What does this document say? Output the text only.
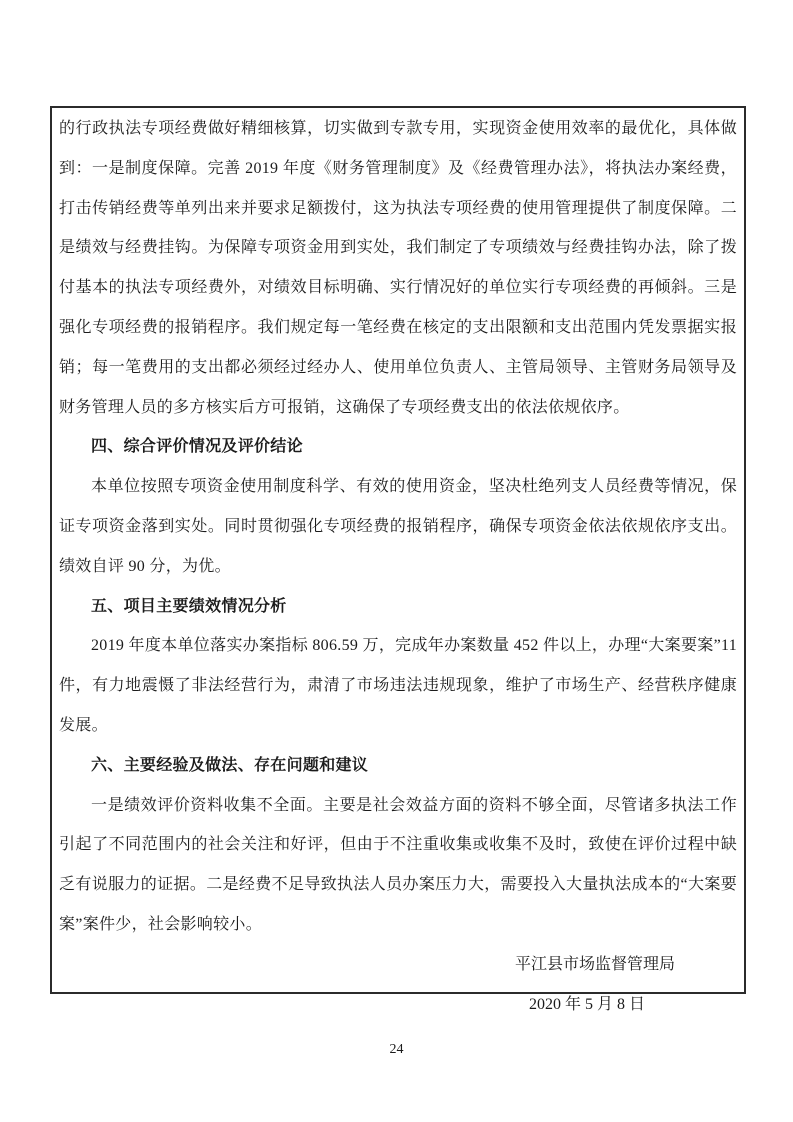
的行政执法专项经费做好精细核算，切实做到专款专用，实现资金使用效率的最优化，具体做到：一是制度保障。完善 2019 年度《财务管理制度》及《经费管理办法》，将执法办案经费，打击传销经费等单列出来并要求足额拨付，这为执法专项经费的使用管理提供了制度保障。二是绩效与经费挂钩。为保障专项资金用到实处，我们制定了专项绩效与经费挂钩办法，除了拨付基本的执法专项经费外，对绩效目标明确、实行情况好的单位实行专项经费的再倾斜。三是强化专项经费的报销程序。我们规定每一笔经费在核定的支出限额和支出范围内凭发票据实报销；每一笔费用的支出都必须经过经办人、使用单位负责人、主管局领导、主管财务局领导及财务管理人员的多方核实后方可报销，这确保了专项经费支出的依法依规依序。

四、综合评价情况及评价结论

本单位按照专项资金使用制度科学、有效的使用资金，坚决杜绝列支人员经费等情况，保证专项资金落到实处。同时贯彻强化专项经费的报销程序，确保专项资金依法依规依序支出。绩效自评 90 分，为优。

五、项目主要绩效情况分析

2019 年度本单位落实办案指标 806.59 万，完成年办案数量 452 件以上，办理“大案要案”11 件，有力地震慑了非法经营行为，肃清了市场违法违规现象，维护了市场生产、经营秩序健康发展。

六、主要经验及做法、存在问题和建议

一是绩效评价资料收集不全面。主要是社会效益方面的资料不够全面，尽管诸多执法工作引起了不同范围内的社会关注和好评，但由于不注重收集或收集不及时，致使在评价过程中缺乏有说服力的证据。二是经费不足导致执法人员办案压力大，需要投入大量执法成本的“大案要案”案件少，社会影响较小。

平江县市场监督管理局

2020 年 5 月 8 日

24
